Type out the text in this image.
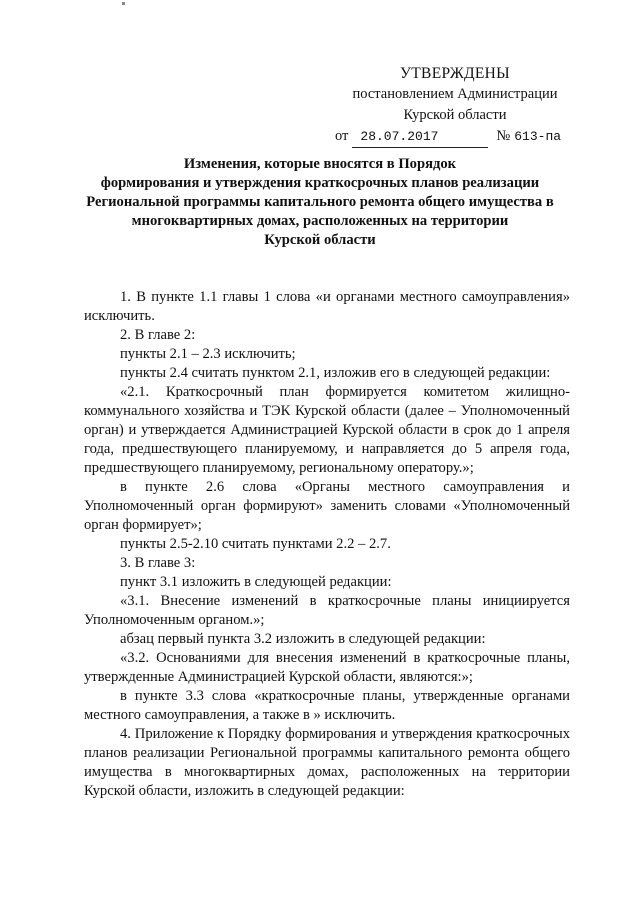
УТВЕРЖДЕНЫ
постановлением Администрации
Курской области
от 28.07.2017	№ 613-па
Изменения, которые вносятся в Порядок
формирования и утверждения краткосрочных планов реализации
Региональной программы капитального ремонта общего имущества в
многоквартирных домах, расположенных на территории
Курской области

1. В пункте 1.1 главы 1 слова «и органами местного самоуправления» исключить.

2. В главе 2:

пункты 2.1 – 2.3 исключить;

пункты 2.4 считать пунктом 2.1, изложив его в следующей редакции:

«2.1. Краткосрочный план формируется комитетом жилищно-коммунального хозяйства и ТЭК Курской области (далее – Уполномоченный орган) и утверждается Администрацией Курской области в срок до 1 апреля года, предшествующего планируемому, и направляется до 5 апреля года, предшествующего планируемому, региональному оператору.»;

в пункте 2.6 слова «Органы местного самоуправления и Уполномоченный орган формируют» заменить словами «Уполномоченный орган формирует»;

пункты 2.5-2.10 считать пунктами 2.2 – 2.7.

3. В главе 3:

пункт 3.1 изложить в следующей редакции:

«3.1. Внесение изменений в краткосрочные планы инициируется Уполномоченным органом.»;

абзац первый пункта 3.2 изложить в следующей редакции:

«3.2. Основаниями для внесения изменений в краткосрочные планы, утвержденные Администрацией Курской области, являются:»;

в пункте 3.3 слова «краткосрочные планы, утвержденные органами местного самоуправления, а также в » исключить.

4. Приложение к Порядку формирования и утверждения краткосрочных планов реализации Региональной программы капитального ремонта общего имущества в многоквартирных домах, расположенных на территории Курской области, изложить в следующей редакции:
